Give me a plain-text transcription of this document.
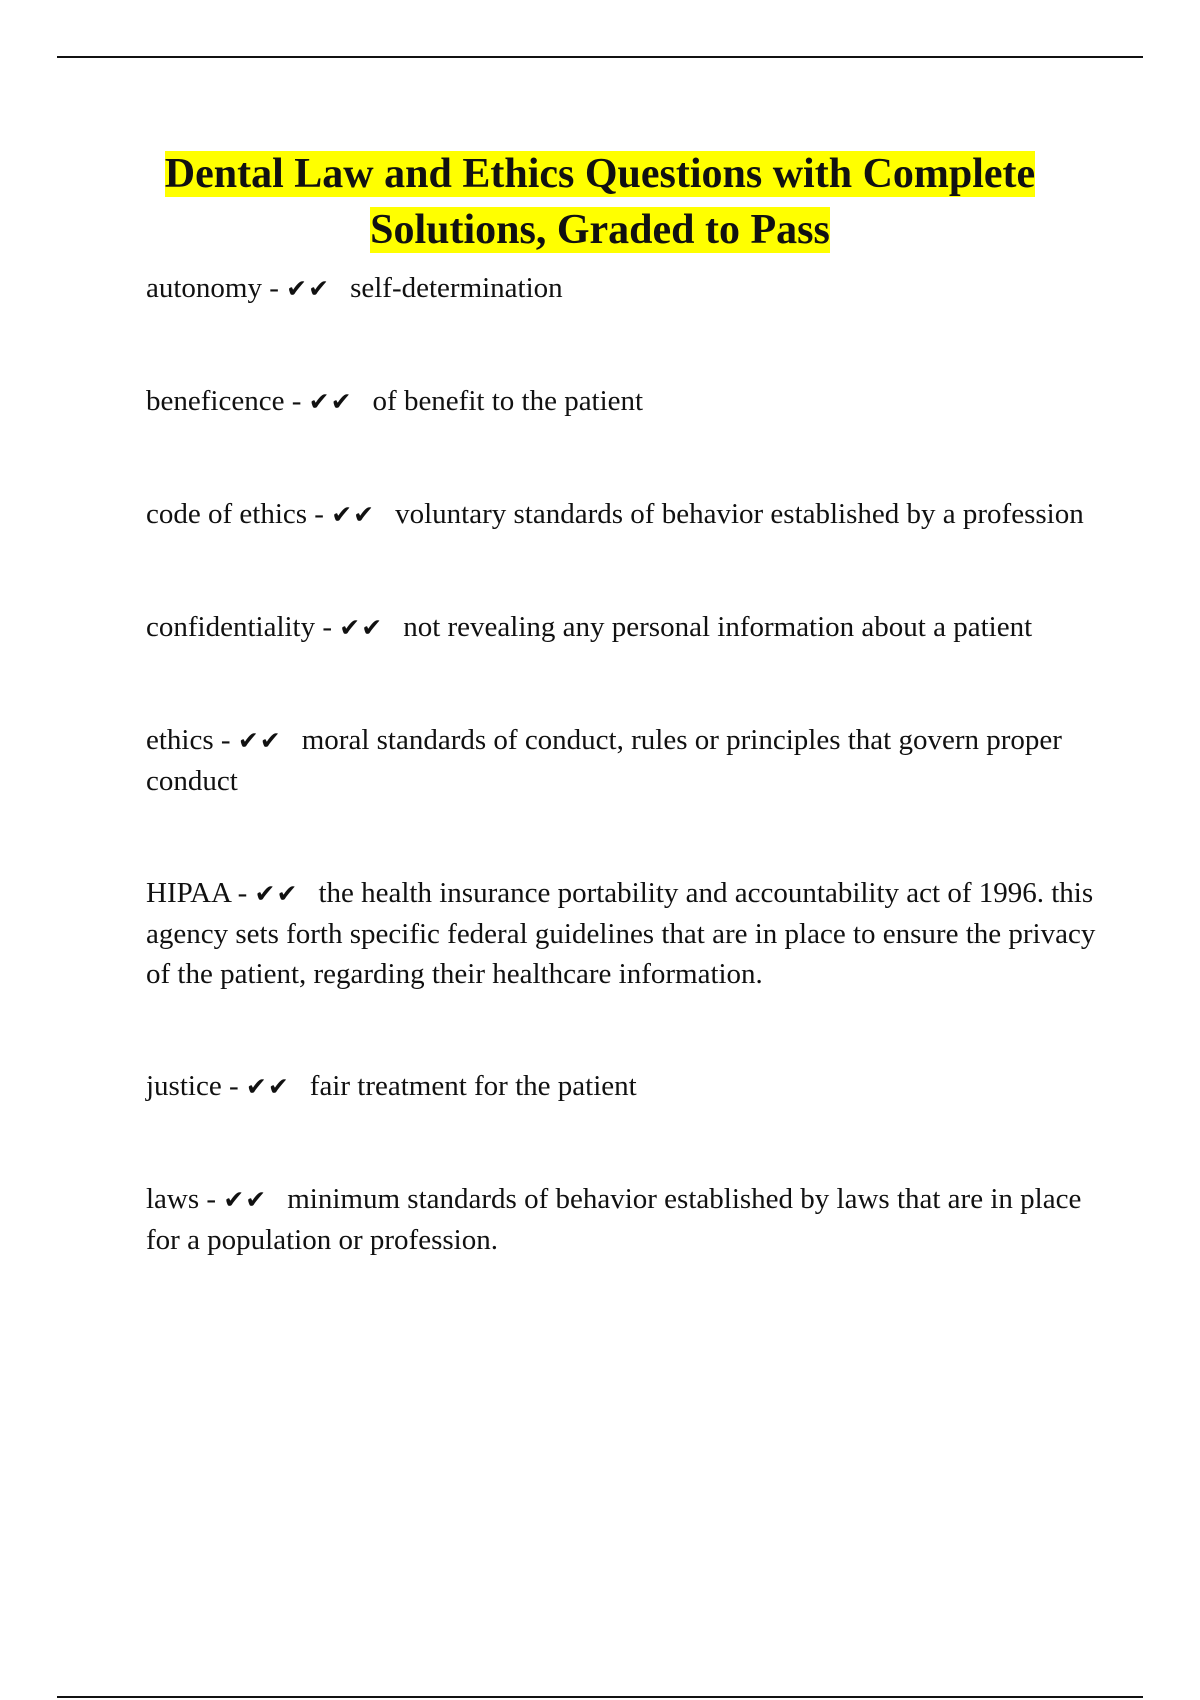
Dental Law and Ethics Questions with Complete
Solutions, Graded to Pass
autonomy - ✔✔ self-determination
beneficence - ✔✔ of benefit to the patient
code of ethics - ✔✔ voluntary standards of behavior established by a profession
confidentiality - ✔✔ not revealing any personal information about a patient
ethics - ✔✔ moral standards of conduct, rules or principles that govern proper conduct
HIPAA - ✔✔ the health insurance portability and accountability act of 1996. this agency sets forth specific federal guidelines that are in place to ensure the privacy of the patient, regarding their healthcare information.
justice - ✔✔ fair treatment for the patient
laws - ✔✔ minimum standards of behavior established by laws that are in place for a population or profession.
